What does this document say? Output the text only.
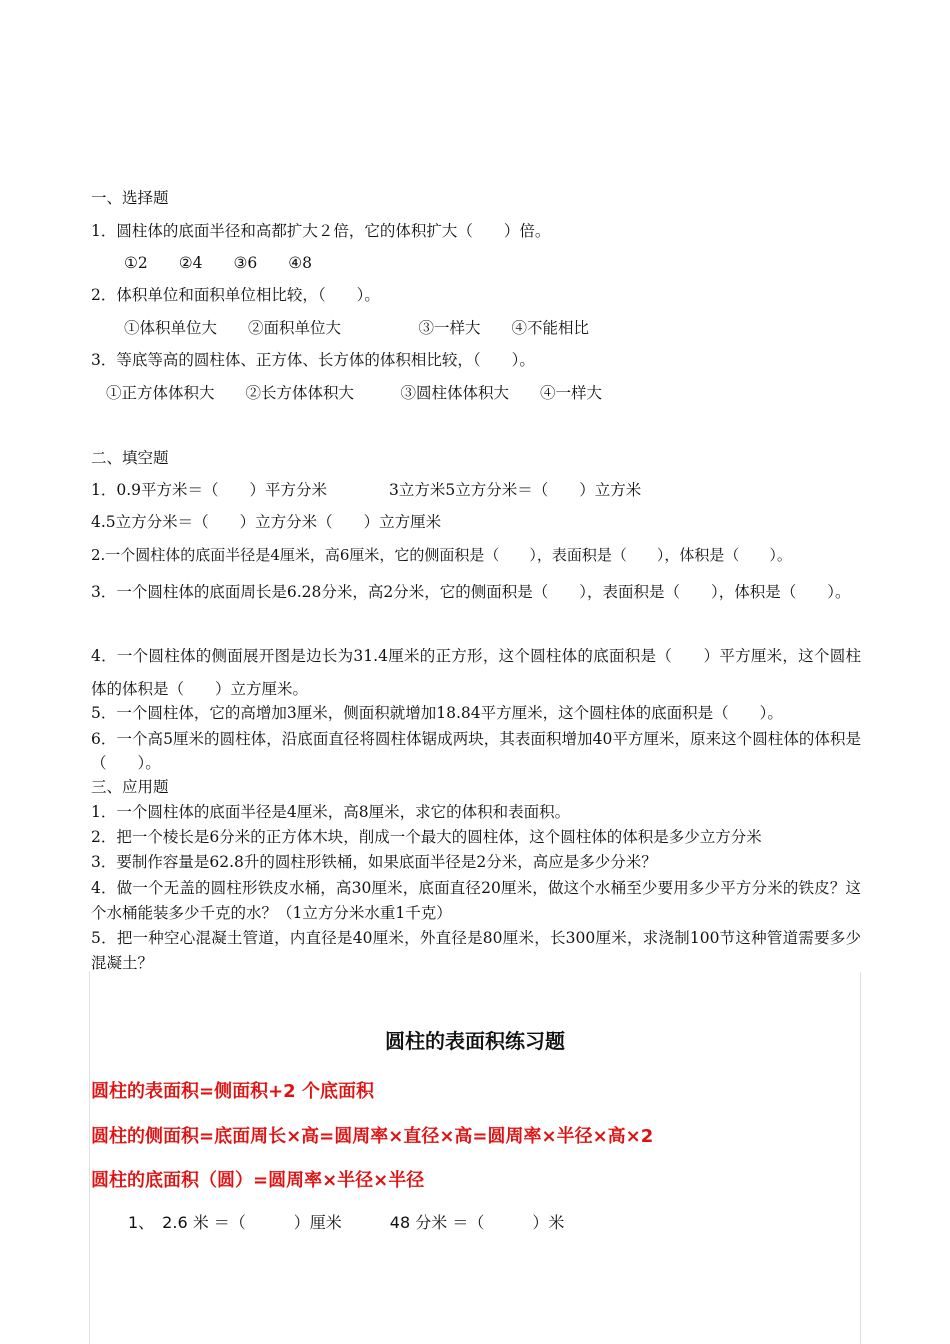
一、选择题
1．圆柱体的底面半径和高都扩大２倍，它的体积扩大（　　）倍。
①2　　②4　　③6　　④8
2．体积单位和面积单位相比较，（　　）。
①体积单位大　　②面积单位大　　　　　③一样大　　④不能相比
3．等底等高的圆柱体、正方体、长方体的体积相比较，（　　）。
①正方体体积大　　②长方体体积大　　　③圆柱体体积大　　④一样大
二、填空题
1．0.9平方米＝（　　）平方分米　　　　3立方米5立方分米＝（　　）立方米
4.5立方分米＝（　　）立方分米（　　）立方厘米
2.一个圆柱体的底面半径是4厘米，高6厘米，它的侧面积是（　　），表面积是（　　），体积是（　　）。
3．一个圆柱体的底面周长是6.28分米，高2分米，它的侧面积是（　　），表面积是（　　），体积是（　　）。
4．一个圆柱体的侧面展开图是边长为31.4厘米的正方形，这个圆柱体的底面积是（　　）平方厘米，这个圆柱体的体积是（　　）立方厘米。
5．一个圆柱体，它的高增加3厘米，侧面积就增加18.84平方厘米，这个圆柱体的底面积是（　　）。
6．一个高5厘米的圆柱体，沿底面直径将圆柱体锯成两块，其表面积增加40平方厘米，原来这个圆柱体的体积是（　　）。
三、应用题
1．一个圆柱体的底面半径是4厘米，高8厘米，求它的体积和表面积。
2．把一个棱长是6分米的正方体木块，削成一个最大的圆柱体，这个圆柱体的体积是多少立方分米
3．要制作容量是62.8升的圆柱形铁桶，如果底面半径是2分米，高应是多少分米？
4．做一个无盖的圆柱形铁皮水桶，高30厘米，底面直径20厘米，做这个水桶至少要用多少平方分米的铁皮？这个水桶能装多少千克的水？（1立方分米水重1千克）
5．把一种空心混凝土管道，内直径是40厘米，外直径是80厘米，长300厘米，求浇制100节这种管道需要多少混凝土？
圆柱的表面积练习题
圆柱的表面积=侧面积+2 个底面积
圆柱的侧面积=底面周长×高=圆周率×直径×高=圆周率×半径×高×2
圆柱的底面积（圆）=圆周率×半径×半径
1、　2.6 米 ＝（　　　）厘米　　　48 分米 ＝（　　　）米
